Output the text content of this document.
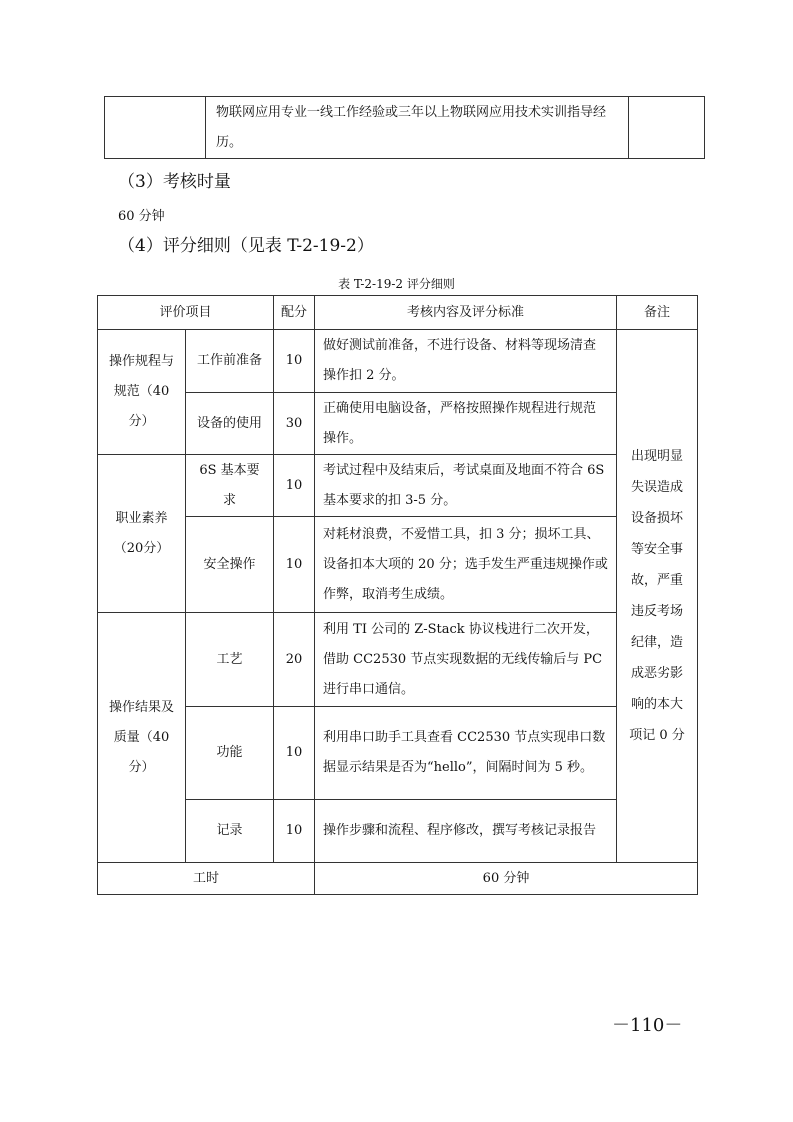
	物联网应用专业一线工作经验或三年以上物联网应用技术实训指导经历。	
（3）考核时量
60 分钟
（4）评分细则（见表 T-2-19-2）
表 T-2-19-2 评分细则
评价项目		配分	考核内容及评分标准	备注
操作规程与规范（40分）	工作前准备	10	做好测试前准备，不进行设备、材料等现场清查操作扣 2 分。	出现明显失误造成设备损坏等安全事故，严重违反考场纪律，造成恶劣影响的本大项记 0 分
	设备的使用	30	正确使用电脑设备，严格按照操作规程进行规范操作。	
职业素养（20分）	6S 基本要求	10	考试过程中及结束后，考试桌面及地面不符合 6S 基本要求的扣 3-5 分。	
	安全操作	10	对耗材浪费，不爱惜工具，扣 3 分；损坏工具、设备扣本大项的 20 分；选手发生严重违规操作或作弊，取消考生成绩。	
操作结果及质量（40分）	工艺	20	利用 TI 公司的 Z-Stack 协议栈进行二次开发，借助 CC2530 节点实现数据的无线传输后与 PC 进行串口通信。	
	功能	10	利用串口助手工具查看 CC2530 节点实现串口数据显示结果是否为“hello”，间隔时间为 5 秒。	
	记录	10	操作步骤和流程、程序修改，撰写考核记录报告	
工时			60 分钟	
－110－
